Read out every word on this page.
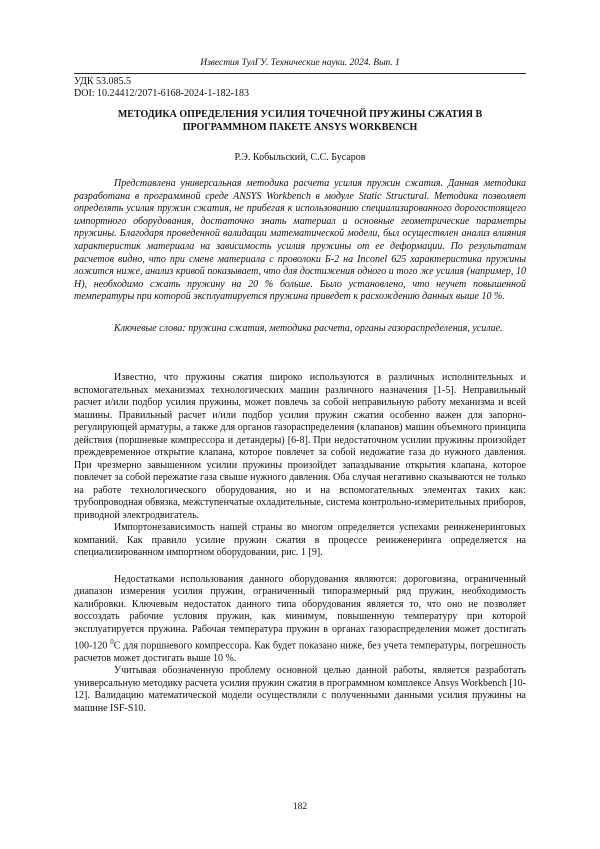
Известия ТулГУ. Технические науки. 2024. Вып. 1
УДК 53.085.5
DOI: 10.24412/2071-6168-2024-1-182-183
МЕТОДИКА ОПРЕДЕЛЕНИЯ УСИЛИЯ ТОЧЕЧНОЙ ПРУЖИНЫ СЖАТИЯ В ПРОГРАММНОМ ПАКЕТЕ ANSYS WORKBENCH
Р.Э. Кобыльский, С.С. Бусаров

Представлена универсальная методика расчета усилия пружин сжатия. Данная методика разработана в программной среде ANSYS Workbench в модуле Static Structural. Методика позволяет определять усилия пружин сжатия, не прибегая к использованию специализированного дорогостоящего импортного оборудования, достаточно знать материал и основные геометрические параметры пружины. Благодаря проведенной валидации математической модели, был осуществлен анализ влияния характеристик материала на зависимость усилия пружины от ее деформации. По результатам расчетов видно, что при смене материала с проволоки Б-2 на Inconel 625 характеристика пружины ложится ниже, анализ кривой показывает, что для достижения одного и того же усилия (например, 10 Н), необходимо сжать пружину на 20 % больше. Было установлено, что неучет повышенной температуры при которой эксплуатируется пружина приведет к расхождению данных выше 10 %.

Ключевые слова: пружина сжатия, методика расчета, органы газораспределения, усилие.

Известно, что пружины сжатия широко используются в различных исполнительных и вспомогательных механизмах технологических машин различного назначения [1-5]. Неправильный расчет и/или подбор усилия пружины, может повлечь за собой неправильную работу механизма и всей машины. Правильный расчет и/или подбор усилия пружин сжатия особенно важен для запорно-регулирующей арматуры, а также для органов газораспределения (клапанов) машин объемного принципа действия (поршневые компрессора и детандеры) [6-8]. При недостаточном усилии пружины произойдет преждевременное открытие клапана, которое повлечет за собой недожатие газа до нужного давления. При чрезмерно завышенном усилии пружины произойдет запаздывание открытия клапана, которое повлечет за собой пережатие газа свыше нужного давления. Оба случая негативно сказываются не только на работе технологического оборудования, но и на вспомогательных элементах таких как: трубопроводная обвязка, межступенчатые охладительные, система контрольно-измерительных приборов, приводной электродвигатель.

Импортонезависимость нашей страны во многом определяется успехами реинженеринговых компаний. Как правило усилие пружин сжатия в процессе реинженеринга определяется на специализированном импортном оборудовании, рис. 1 [9].

Недостатками использования данного оборудования являются: дороговизна, ограниченный диапазон измерения усилия пружин, ограниченный типоразмерный ряд пружин, необходимость калибровки. Ключевым недостаток данного типа оборудования является то, что оно не позволяет воссоздать рабочие условия пружин, как минимум, повышенную температуру при которой эксплуатируется пружина. Рабочая температура пружин в органах газораспределения может достигать 100-120 $^0$С для поршневого компрессора. Как будет показано ниже, без учета температуры, погрешность расчетов может достигать выше 10 %.

Учитывая обозначенную проблему основной целью данной работы, является разработать универсальную методику расчета усилия пружин сжатия в программном комплексе Ansys Workbench [10-12]. Валидацию математической модели осуществляли с полученными данными усилия пружины на машине ISF-S10.

182
